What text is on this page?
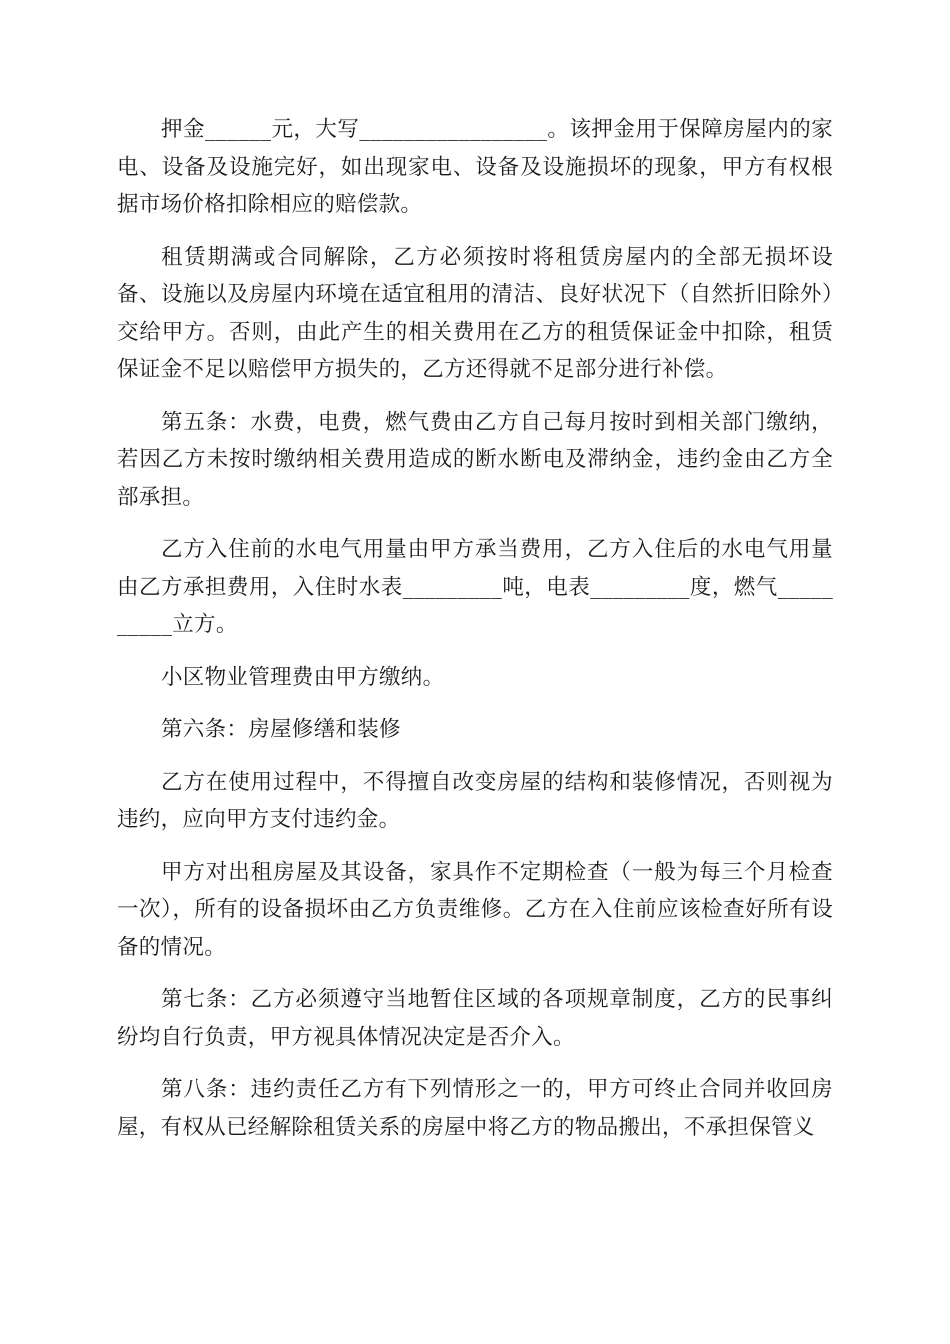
押金______元，大写_________________。该押金用于保障房屋内的家电、设备及设施完好，如出现家电、设备及设施损坏的现象，甲方有权根据市场价格扣除相应的赔偿款。

租赁期满或合同解除，乙方必须按时将租赁房屋内的全部无损坏设备、设施以及房屋内环境在适宜租用的清洁、良好状况下（自然折旧除外）交给甲方。否则，由此产生的相关费用在乙方的租赁保证金中扣除，租赁保证金不足以赔偿甲方损失的，乙方还得就不足部分进行补偿。

第五条：水费，电费，燃气费由乙方自己每月按时到相关部门缴纳，若因乙方未按时缴纳相关费用造成的断水断电及滞纳金，违约金由乙方全部承担。

乙方入住前的水电气用量由甲方承当费用，乙方入住后的水电气用量由乙方承担费用，入住时水表_________吨，电表_________度，燃气__________立方。

小区物业管理费由甲方缴纳。

第六条：房屋修缮和装修

乙方在使用过程中，不得擅自改变房屋的结构和装修情况，否则视为违约，应向甲方支付违约金。

甲方对出租房屋及其设备，家具作不定期检查（一般为每三个月检查一次），所有的设备损坏由乙方负责维修。乙方在入住前应该检查好所有设备的情况。

第七条：乙方必须遵守当地暂住区域的各项规章制度，乙方的民事纠纷均自行负责，甲方视具体情况决定是否介入。

第八条：违约责任乙方有下列情形之一的，甲方可终止合同并收回房屋，有权从已经解除租赁关系的房屋中将乙方的物品搬出，不承担保管义
